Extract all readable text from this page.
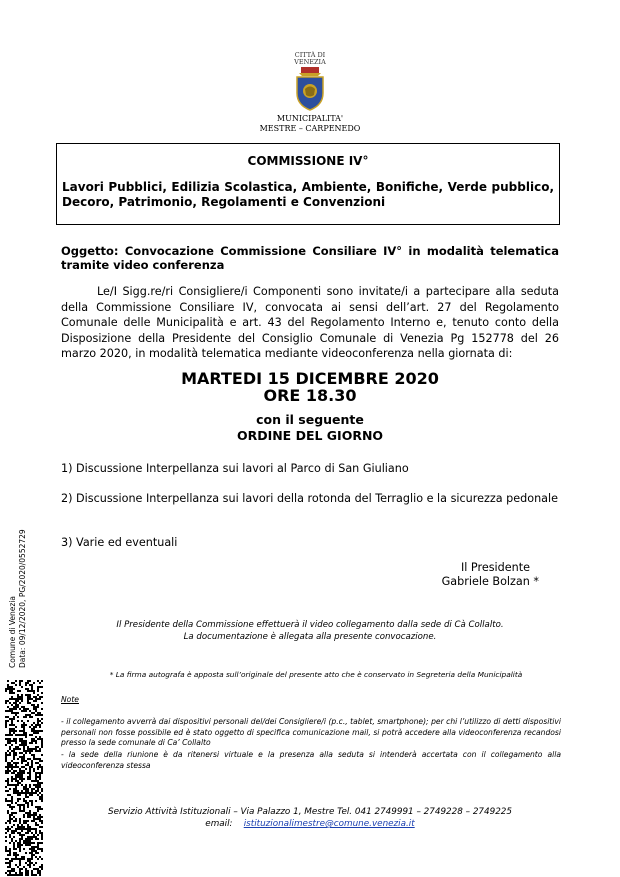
CITTÀ DI
VENEZIA
MUNICIPALITA'
MESTRE – CARPENEDO
COMMISSIONE IV°
Lavori Pubblici, Edilizia Scolastica, Ambiente, Bonifiche, Verde pubblico, Decoro, Patrimonio, Regolamenti e Convenzioni
Oggetto: Convocazione Commissione Consiliare IV° in modalità telematica tramite video conferenza
Le/I Sigg.re/ri Consigliere/i Componenti sono invitate/i a partecipare alla seduta della Commissione Consiliare IV, convocata ai sensi dell’art. 27 del Regolamento Comunale delle Municipalità e art. 43 del Regolamento Interno e, tenuto conto della Disposizione della Presidente del Consiglio Comunale di Venezia Pg 152778 del 26 marzo 2020, in modalità telematica mediante videoconferenza nella giornata di:
MARTEDI 15 DICEMBRE 2020
ORE 18.30
con il seguente
ORDINE DEL GIORNO
1) Discussione Interpellanza sui lavori al Parco di San Giuliano
2) Discussione Interpellanza sui lavori della rotonda del Terraglio e la sicurezza pedonale
3) Varie ed eventuali
Il Presidente
Gabriele Bolzan *
Il Presidente della Commissione effettuerà il video collegamento dalla sede di Cà Collalto.
La documentazione è allegata alla presente convocazione.
* La firma autografa è apposta sull’originale del presente atto che è conservato in Segreteria della Municipalità
Note
- il collegamento avverrà dai dispositivi personali del/dei Consigliere/i (p.c., tablet, smartphone); per chi l’utilizzo di detti dispositivi personali non fosse possibile ed è stato oggetto di specifica comunicazione mail, si potrà accedere alla videoconferenza recandosi presso la sede comunale di Ca’ Collalto
- la sede della riunione è da ritenersi virtuale e la presenza alla seduta si intenderà accertata con il collegamento alla videoconferenza stessa
Servizio Attività Istituzionali – Via Palazzo 1, Mestre Tel. 041 2749991 – 2749228 – 2749225
email: istituzionalimestre@comune.venezia.it
Comune di Venezia Data: 09/12/2020, PG/2020/0552729
